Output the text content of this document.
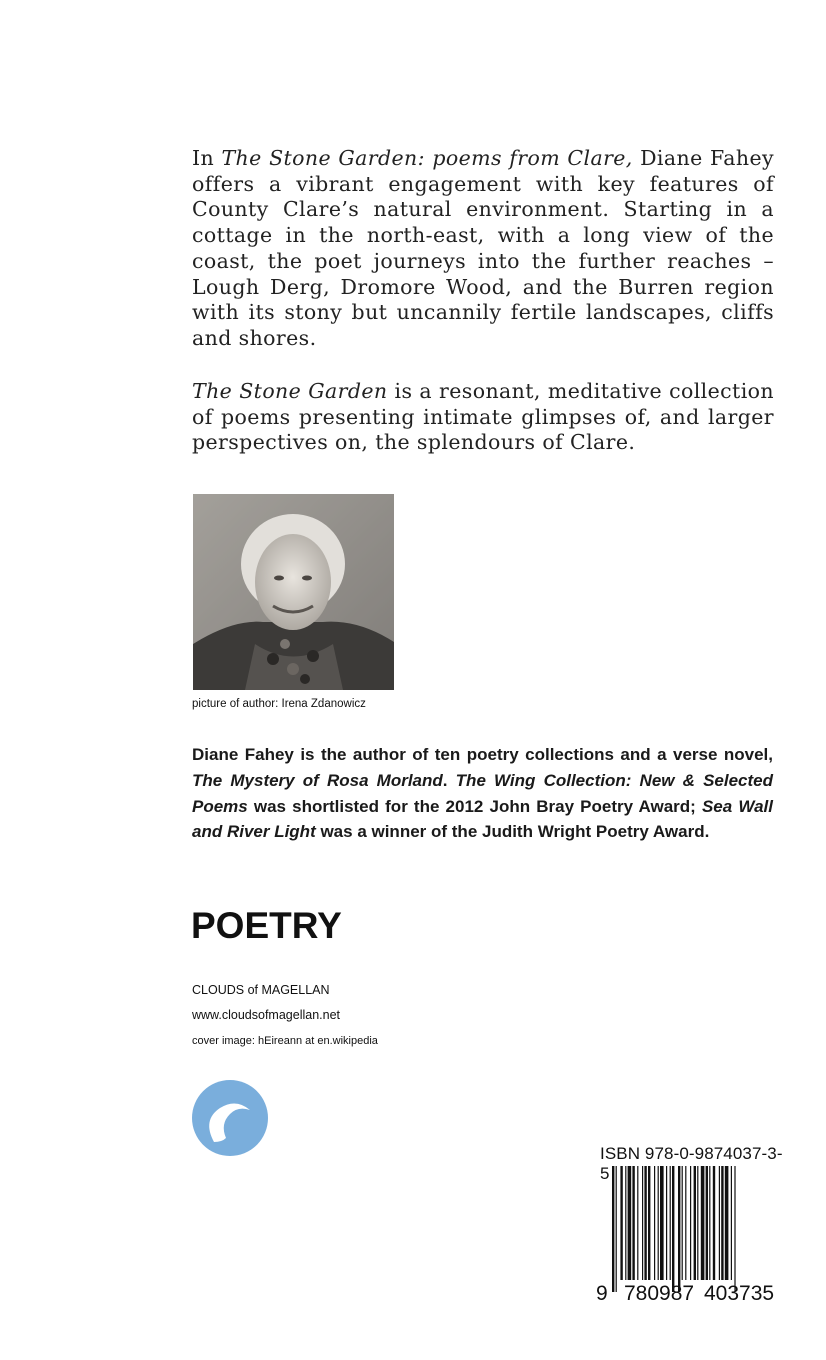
In The Stone Garden: poems from Clare, Diane Fahey offers a vibrant engagement with key features of County Clare’s natural environment. Starting in a cottage in the north-east, with a long view of the coast, the poet journeys into the further reaches – Lough Derg, Dromore Wood, and the Burren region with its stony but uncannily fertile landscapes, cliffs and shores.

The Stone Garden is a resonant, meditative collection of poems presenting intimate glimpses of, and larger perspectives on, the splendours of Clare.

picture of author: Irena Zdanowicz

Diane Fahey is the author of ten poetry collections and a verse novel, The Mystery of Rosa Morland. The Wing Collection: New & Selected Poems was shortlisted for the 2012 John Bray Poetry Award; Sea Wall and River Light was a winner of the Judith Wright Poetry Award.

POETRY

CLOUDS of MAGELLAN

www.cloudsofmagellan.net

cover image: hEireann at en.wikipedia

ISBN 978-0-9874037-3-5

9 780987 403735
